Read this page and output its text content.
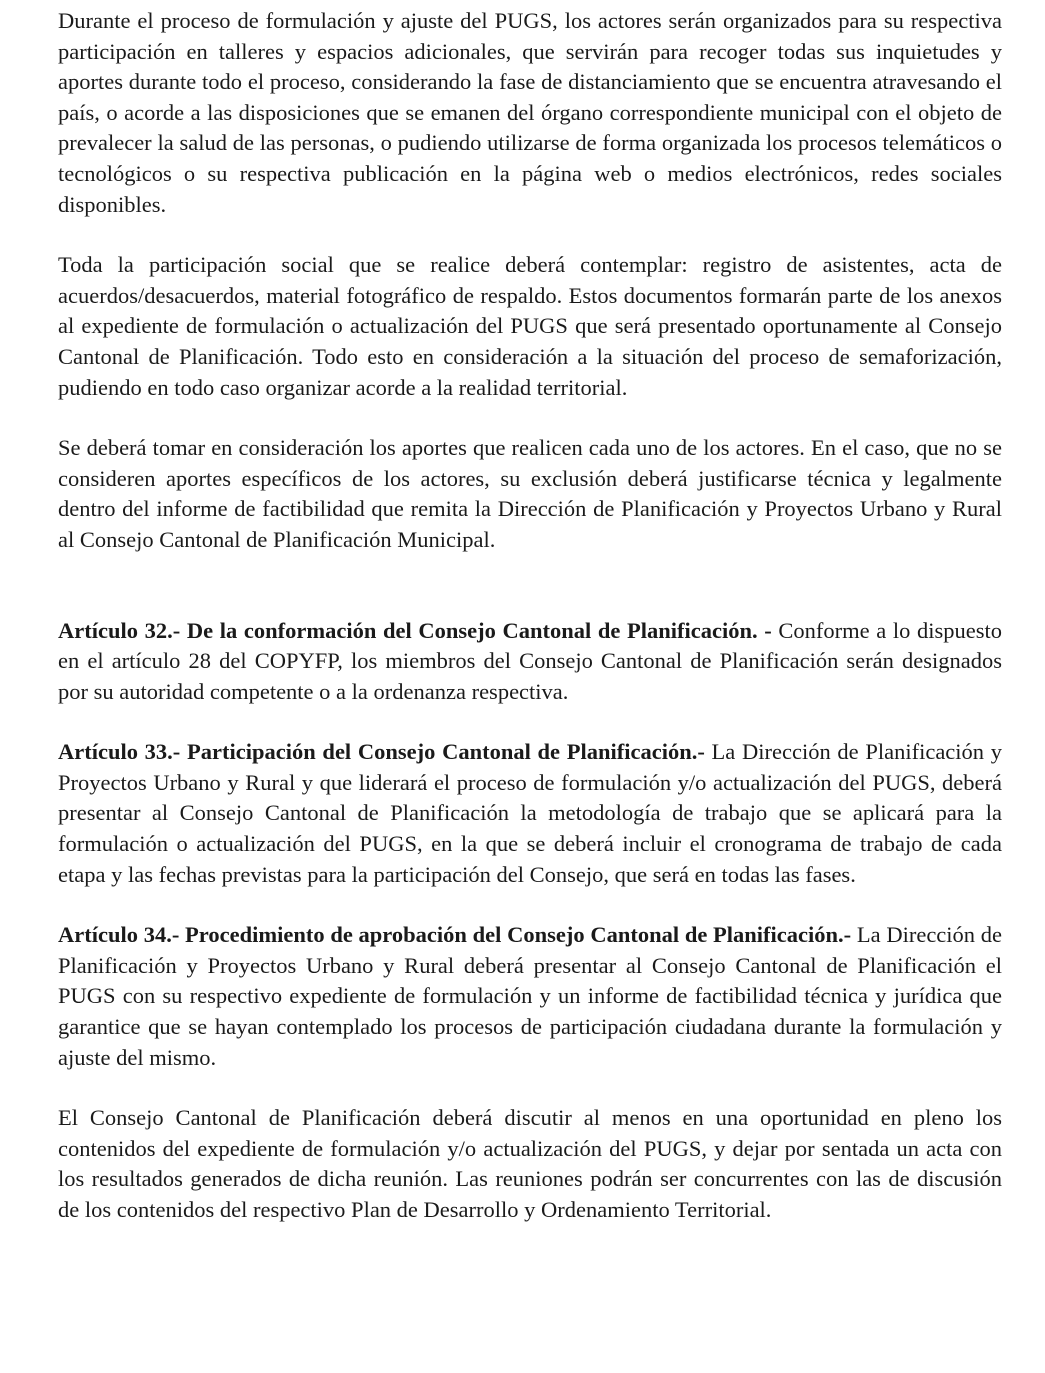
Durante el proceso de formulación y ajuste del PUGS, los actores serán organizados para su respectiva participación en talleres y espacios adicionales, que servirán para recoger todas sus inquietudes y aportes durante todo el proceso, considerando la fase de distanciamiento que se encuentra atravesando el país, o acorde a las disposiciones que se emanen del órgano correspondiente municipal con el objeto de prevalecer la salud de las personas, o pudiendo utilizarse de forma organizada los procesos telemáticos o tecnológicos o su respectiva publicación en la página web o medios electrónicos, redes sociales disponibles.

Toda la participación social que se realice deberá contemplar: registro de asistentes, acta de acuerdos/desacuerdos, material fotográfico de respaldo. Estos documentos formarán parte de los anexos al expediente de formulación o actualización del PUGS que será presentado oportunamente al Consejo Cantonal de Planificación. Todo esto en consideración a la situación del proceso de semaforización, pudiendo en todo caso organizar acorde a la realidad territorial.

Se deberá tomar en consideración los aportes que realicen cada uno de los actores. En el caso, que no se consideren aportes específicos de los actores, su exclusión deberá justificarse técnica y legalmente dentro del informe de factibilidad que remita la Dirección de Planificación y Proyectos Urbano y Rural al Consejo Cantonal de Planificación Municipal.

Artículo 32.- De la conformación del Consejo Cantonal de Planificación. - Conforme a lo dispuesto en el artículo 28 del COPYFP, los miembros del Consejo Cantonal de Planificación serán designados por su autoridad competente o a la ordenanza respectiva.

Artículo 33.- Participación del Consejo Cantonal de Planificación.- La Dirección de Planificación y Proyectos Urbano y Rural y que liderará el proceso de formulación y/o actualización del PUGS, deberá presentar al Consejo Cantonal de Planificación la metodología de trabajo que se aplicará para la formulación o actualización del PUGS, en la que se deberá incluir el cronograma de trabajo de cada etapa y las fechas previstas para la participación del Consejo, que será en todas las fases.

Artículo 34.- Procedimiento de aprobación del Consejo Cantonal de Planificación.- La Dirección de Planificación y Proyectos Urbano y Rural deberá presentar al Consejo Cantonal de Planificación el PUGS con su respectivo expediente de formulación y un informe de factibilidad técnica y jurídica que garantice que se hayan contemplado los procesos de participación ciudadana durante la formulación y ajuste del mismo.

El Consejo Cantonal de Planificación deberá discutir al menos en una oportunidad en pleno los contenidos del expediente de formulación y/o actualización del PUGS, y dejar por sentada un acta con los resultados generados de dicha reunión. Las reuniones podrán ser concurrentes con las de discusión de los contenidos del respectivo Plan de Desarrollo y Ordenamiento Territorial.
